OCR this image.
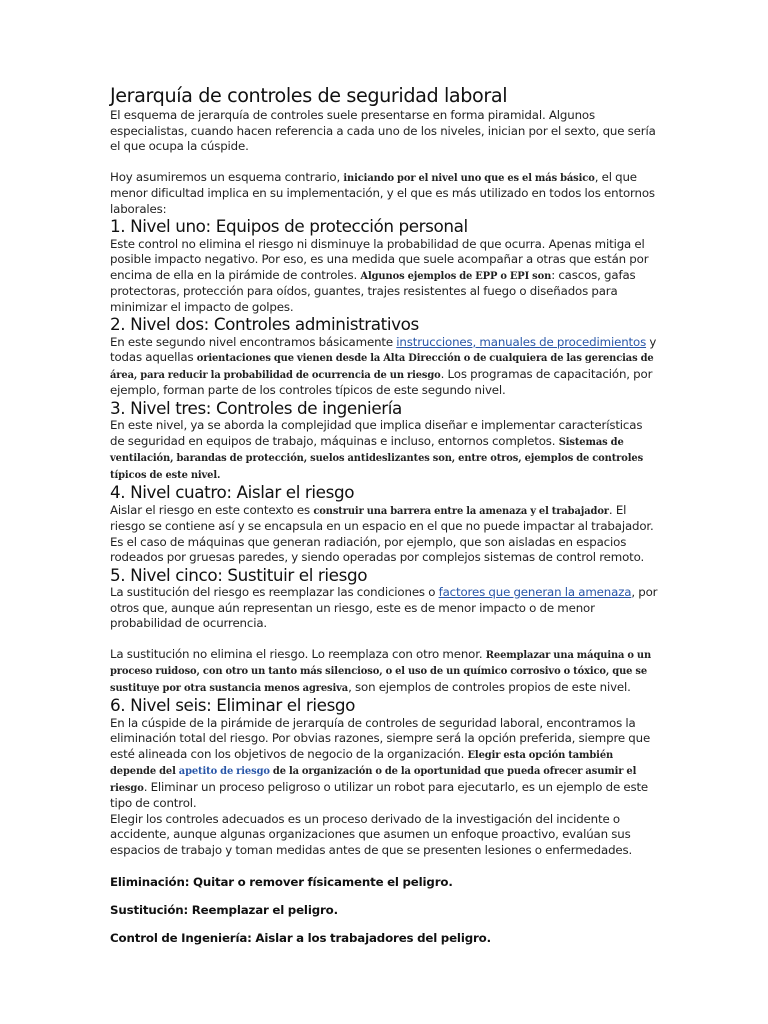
Jerarquía de controles de seguridad laboral

El esquema de jerarquía de controles suele presentarse en forma piramidal. Algunos especialistas, cuando hacen referencia a cada uno de los niveles, inician por el sexto, que sería el que ocupa la cúspide.

Hoy asumiremos un esquema contrario, iniciando por el nivel uno que es el más básico, el que menor dificultad implica en su implementación, y el que es más utilizado en todos los entornos laborales:

1. Nivel uno: Equipos de protección personal

Este control no elimina el riesgo ni disminuye la probabilidad de que ocurra. Apenas mitiga el posible impacto negativo. Por eso, es una medida que suele acompañar a otras que están por encima de ella en la pirámide de controles. Algunos ejemplos de EPP o EPI son: cascos, gafas protectoras, protección para oídos, guantes, trajes resistentes al fuego o diseñados para minimizar el impacto de golpes.

2. Nivel dos: Controles administrativos

En este segundo nivel encontramos básicamente instrucciones, manuales de procedimientos y todas aquellas orientaciones que vienen desde la Alta Dirección o de cualquiera de las gerencias de área, para reducir la probabilidad de ocurrencia de un riesgo. Los programas de capacitación, por ejemplo, forman parte de los controles típicos de este segundo nivel.

3. Nivel tres: Controles de ingeniería

En este nivel, ya se aborda la complejidad que implica diseñar e implementar características de seguridad en equipos de trabajo, máquinas e incluso, entornos completos. Sistemas de ventilación, barandas de protección, suelos antideslizantes son, entre otros, ejemplos de controles típicos de este nivel.

4. Nivel cuatro: Aislar el riesgo

Aislar el riesgo en este contexto es construir una barrera entre la amenaza y el trabajador. El riesgo se contiene así y se encapsula en un espacio en el que no puede impactar al trabajador. Es el caso de máquinas que generan radiación, por ejemplo, que son aisladas en espacios rodeados por gruesas paredes, y siendo operadas por complejos sistemas de control remoto.

5. Nivel cinco: Sustituir el riesgo

La sustitución del riesgo es reemplazar las condiciones o factores que generan la amenaza, por otros que, aunque aún representan un riesgo, este es de menor impacto o de menor probabilidad de ocurrencia.

La sustitución no elimina el riesgo. Lo reemplaza con otro menor. Reemplazar una máquina o un proceso ruidoso, con otro un tanto más silencioso, o el uso de un químico corrosivo o tóxico, que se sustituye por otra sustancia menos agresiva, son ejemplos de controles propios de este nivel.

6. Nivel seis: Eliminar el riesgo

En la cúspide de la pirámide de jerarquía de controles de seguridad laboral, encontramos la eliminación total del riesgo. Por obvias razones, siempre será la opción preferida, siempre que esté alineada con los objetivos de negocio de la organización. Elegir esta opción también depende del apetito de riesgo de la organización o de la oportunidad que pueda ofrecer asumir el riesgo. Eliminar un proceso peligroso o utilizar un robot para ejecutarlo, es un ejemplo de este tipo de control.

Elegir los controles adecuados es un proceso derivado de la investigación del incidente o accidente, aunque algunas organizaciones que asumen un enfoque proactivo, evalúan sus espacios de trabajo y toman medidas antes de que se presenten lesiones o enfermedades.

Eliminación: Quitar o remover físicamente el peligro.

Sustitución: Reemplazar el peligro.

Control de Ingeniería: Aislar a los trabajadores del peligro.
